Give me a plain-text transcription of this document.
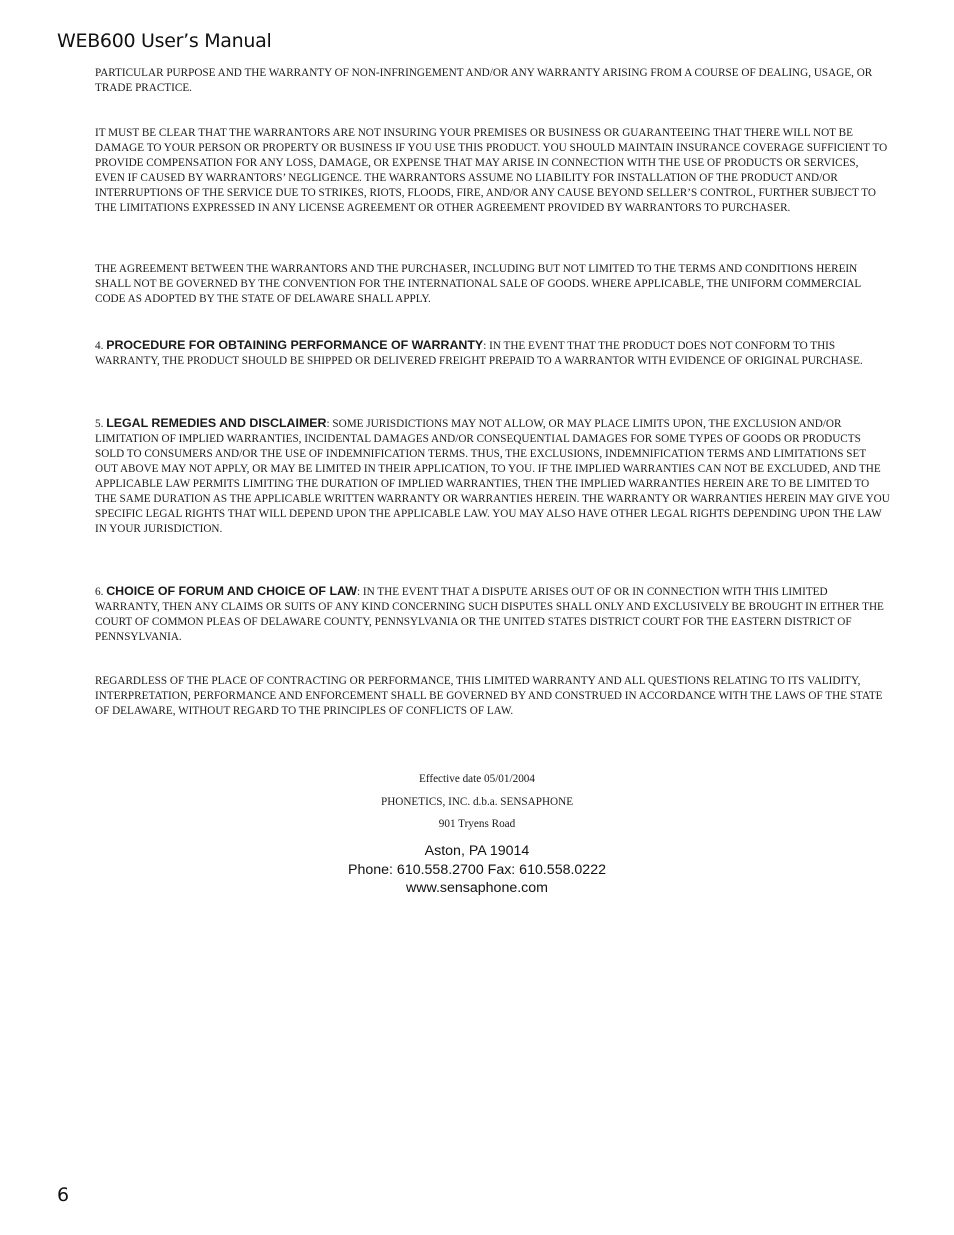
WEB600 User’s Manual

PARTICULAR PURPOSE AND THE WARRANTY OF NON-INFRINGEMENT AND/OR ANY WARRANTY ARISING FROM A COURSE OF DEALING, USAGE, OR TRADE PRACTICE.

IT MUST BE CLEAR THAT THE WARRANTORS ARE NOT INSURING YOUR PREMISES OR BUSINESS OR GUARANTEEING THAT THERE WILL NOT BE DAMAGE TO YOUR PERSON OR PROPERTY OR BUSINESS IF YOU USE THIS PRODUCT. YOU SHOULD MAINTAIN INSURANCE COVERAGE SUFFICIENT TO PROVIDE COMPENSATION FOR ANY LOSS, DAMAGE, OR EXPENSE THAT MAY ARISE IN CONNECTION WITH THE USE OF PRODUCTS OR SERVICES, EVEN IF CAUSED BY WARRANTORS’ NEGLIGENCE. THE WARRANTORS ASSUME NO LIABILITY FOR INSTALLATION OF THE PRODUCT AND/OR INTERRUPTIONS OF THE SERVICE DUE TO STRIKES, RIOTS, FLOODS, FIRE, AND/OR ANY CAUSE BEYOND SELLER’S CONTROL, FURTHER SUBJECT TO THE LIMITATIONS EXPRESSED IN ANY LICENSE AGREEMENT OR OTHER AGREEMENT PROVIDED BY WARRANTORS TO PURCHASER.

THE AGREEMENT BETWEEN THE WARRANTORS AND THE PURCHASER, INCLUDING BUT NOT LIMITED TO THE TERMS AND CONDITIONS HEREIN SHALL NOT BE GOVERNED BY THE CONVENTION FOR THE INTERNATIONAL SALE OF GOODS. WHERE APPLICABLE, THE UNIFORM COMMERCIAL CODE AS ADOPTED BY THE STATE OF DELAWARE SHALL APPLY.

4. PROCEDURE FOR OBTAINING PERFORMANCE OF WARRANTY: IN THE EVENT THAT THE PRODUCT DOES NOT CONFORM TO THIS WARRANTY, THE PRODUCT SHOULD BE SHIPPED OR DELIVERED FREIGHT PREPAID TO A WARRANTOR WITH EVIDENCE OF ORIGINAL PURCHASE.

5. LEGAL REMEDIES AND DISCLAIMER: SOME JURISDICTIONS MAY NOT ALLOW, OR MAY PLACE LIMITS UPON, THE EXCLUSION AND/OR LIMITATION OF IMPLIED WARRANTIES, INCIDENTAL DAMAGES AND/OR CONSEQUENTIAL DAMAGES FOR SOME TYPES OF GOODS OR PRODUCTS SOLD TO CONSUMERS AND/OR THE USE OF INDEMNIFICATION TERMS. THUS, THE EXCLUSIONS, INDEMNIFICATION TERMS AND LIMITATIONS SET OUT ABOVE MAY NOT APPLY, OR MAY BE LIMITED IN THEIR APPLICATION, TO YOU. IF THE IMPLIED WARRANTIES CAN NOT BE EXCLUDED, AND THE APPLICABLE LAW PERMITS LIMITING THE DURATION OF IMPLIED WARRANTIES, THEN THE IMPLIED WARRANTIES HEREIN ARE TO BE LIMITED TO THE SAME DURATION AS THE APPLICABLE WRITTEN WARRANTY OR WARRANTIES HEREIN. THE WARRANTY OR WARRANTIES HEREIN MAY GIVE YOU SPECIFIC LEGAL RIGHTS THAT WILL DEPEND UPON THE APPLICABLE LAW. YOU MAY ALSO HAVE OTHER LEGAL RIGHTS DEPENDING UPON THE LAW IN YOUR JURISDICTION.

6. CHOICE OF FORUM AND CHOICE OF LAW: IN THE EVENT THAT A DISPUTE ARISES OUT OF OR IN CONNECTION WITH THIS LIMITED WARRANTY, THEN ANY CLAIMS OR SUITS OF ANY KIND CONCERNING SUCH DISPUTES SHALL ONLY AND EXCLUSIVELY BE BROUGHT IN EITHER THE COURT OF COMMON PLEAS OF DELAWARE COUNTY, PENNSYLVANIA OR THE UNITED STATES DISTRICT COURT FOR THE EASTERN DISTRICT OF PENNSYLVANIA.

REGARDLESS OF THE PLACE OF CONTRACTING OR PERFORMANCE, THIS LIMITED WARRANTY AND ALL QUESTIONS RELATING TO ITS VALIDITY, INTERPRETATION, PERFORMANCE AND ENFORCEMENT SHALL BE GOVERNED BY AND CONSTRUED IN ACCORDANCE WITH THE LAWS OF THE STATE OF DELAWARE, WITHOUT REGARD TO THE PRINCIPLES OF CONFLICTS OF LAW.

Effective date 05/01/2004
PHONETICS, INC. d.b.a. SENSAPHONE
901 Tryens Road
Aston, PA 19014
Phone: 610.558.2700 Fax: 610.558.0222
www.sensaphone.com
6
